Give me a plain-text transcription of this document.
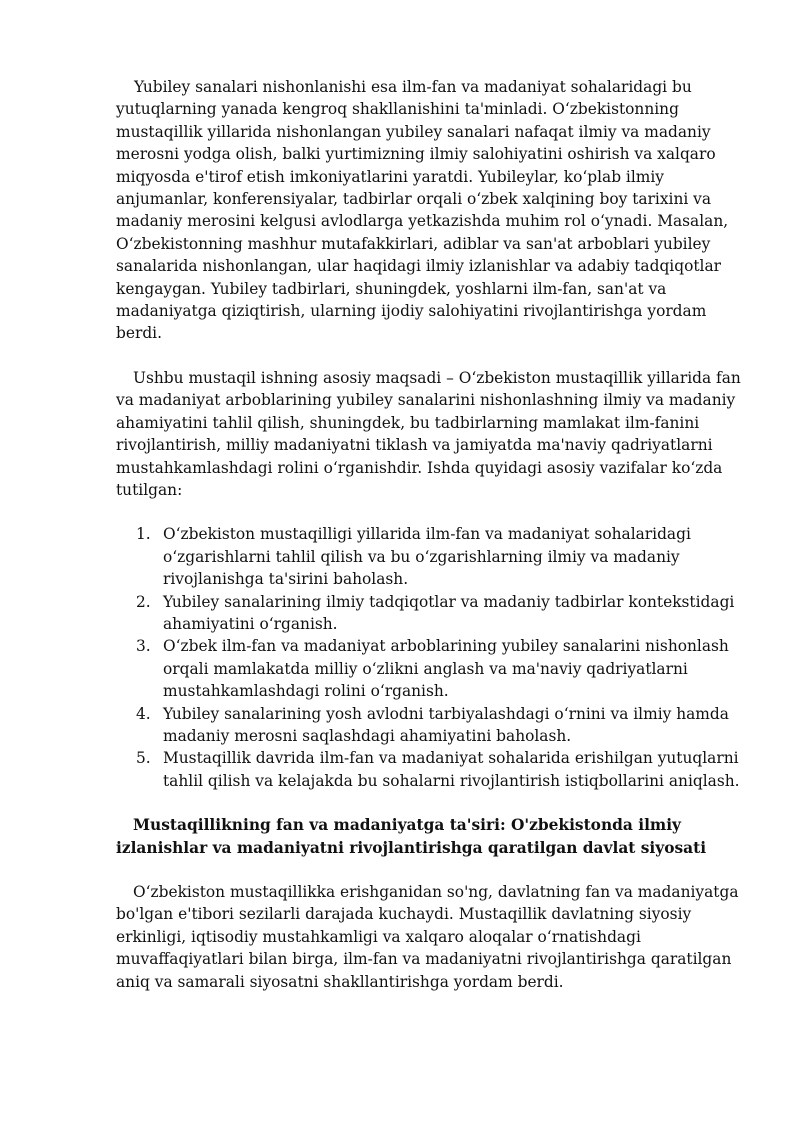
Yubiley sanalari nishonlanishi esa ilm-fan va madaniyat sohalaridagi bu yutuqlarning yanada kengroq shakllanishini ta'minladi. O‘zbekistonning mustaqillik yillarida nishonlangan yubiley sanalari nafaqat ilmiy va madaniy merosni yodga olish, balki yurtimizning ilmiy salohiyatini oshirish va xalqaro miqyosda e'tirof etish imkoniyatlarini yaratdi. Yubileylar, koʻplab ilmiy anjumanlar, konferensiyalar, tadbirlar orqali oʻzbek xalqining boy tarixini va madaniy merosini kelgusi avlodlarga yetkazishda muhim rol oʻynadi. Masalan, Oʻzbekistonning mashhur mutafakkirlari, adiblar va san'at arboblari yubiley sanalarida nishonlangan, ular haqidagi ilmiy izlanishlar va adabiy tadqiqotlar kengaygan. Yubiley tadbirlari, shuningdek, yoshlarni ilm-fan, san'at va madaniyatga qiziqtirish, ularning ijodiy salohiyatini rivojlantirishga yordam berdi.

Ushbu mustaqil ishning asosiy maqsadi – Oʻzbekiston mustaqillik yillarida fan va madaniyat arboblarining yubiley sanalarini nishonlashning ilmiy va madaniy ahamiyatini tahlil qilish, shuningdek, bu tadbirlarning mamlakat ilm-fanini rivojlantirish, milliy madaniyatni tiklash va jamiyatda ma'naviy qadriyatlarni mustahkamlashdagi rolini oʻrganishdir. Ishda quyidagi asosiy vazifalar koʻzda tutilgan:

1. Oʻzbekiston mustaqilligi yillarida ilm-fan va madaniyat sohalaridagi oʻzgarishlarni tahlil qilish va bu oʻzgarishlarning ilmiy va madaniy rivojlanishga ta'sirini baholash.
2. Yubiley sanalarining ilmiy tadqiqotlar va madaniy tadbirlar kontekstidagi ahamiyatini oʻrganish.
3. Oʻzbek ilm-fan va madaniyat arboblarining yubiley sanalarini nishonlash orqali mamlakatda milliy oʻzlikni anglash va ma'naviy qadriyatlarni mustahkamlashdagi rolini oʻrganish.
4. Yubiley sanalarining yosh avlodni tarbiyalashdagi oʻrnini va ilmiy hamda madaniy merosni saqlashdagi ahamiyatini baholash.
5. Mustaqillik davrida ilm-fan va madaniyat sohalarida erishilgan yutuqlarni tahlil qilish va kelajakda bu sohalarni rivojlantirish istiqbollarini aniqlash.

Mustaqillikning fan va madaniyatga ta'siri: O'zbekistonda ilmiy izlanishlar va madaniyatni rivojlantirishga qaratilgan davlat siyosati

O‘zbekiston mustaqillikka erishganidan so'ng, davlatning fan va madaniyatga bo'lgan e'tibori sezilarli darajada kuchaydi. Mustaqillik davlatning siyosiy erkinligi, iqtisodiy mustahkamligi va xalqaro aloqalar o‘rnatishdagi muvaffaqiyatlari bilan birga, ilm-fan va madaniyatni rivojlantirishga qaratilgan aniq va samarali siyosatni shakllantirishga yordam berdi.
